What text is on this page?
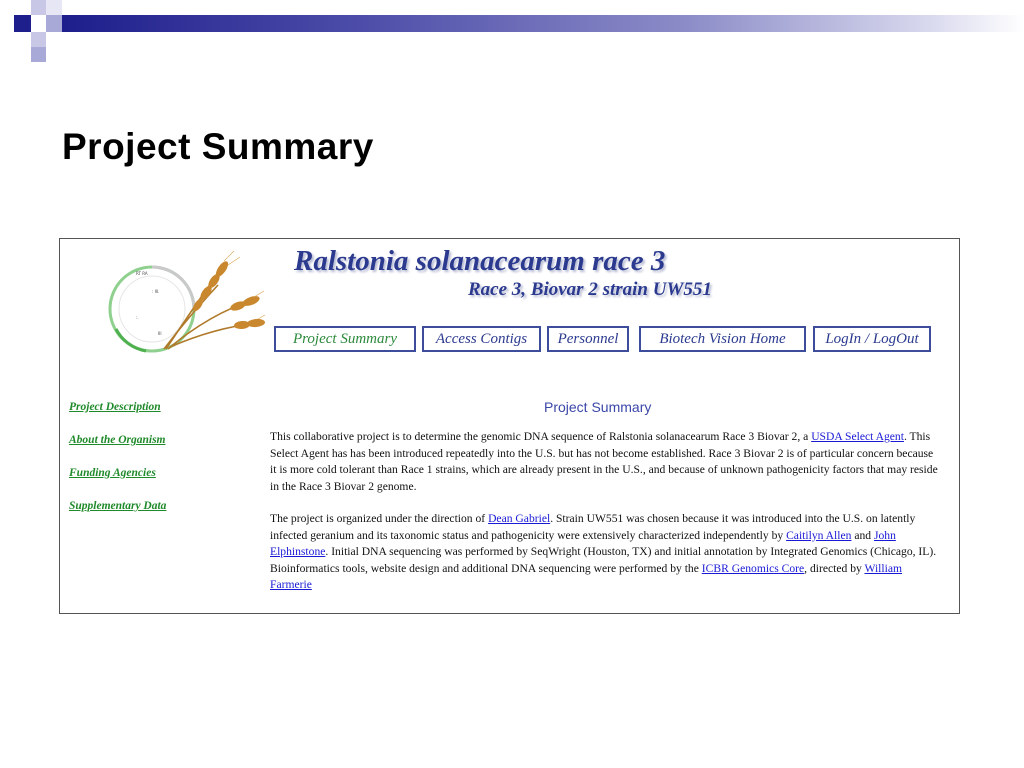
Project Summary
RT RA
: III.
III
:.
Ralstonia solanacearum race 3
Race 3, Biovar 2 strain UW551
Project Summary	Access Contigs	Personnel	Biotech Vision Home	LogIn / LogOut
Project Description
About the Organism
Funding Agencies
Supplementary Data
Project Summary

This collaborative project is to determine the genomic DNA sequence of Ralstonia solanacearum Race 3 Biovar 2, a USDA Select Agent. This Select Agent has has been introduced repeatedly into the U.S. but has not become established. Race 3 Biovar 2 is of particular concern because it is more cold tolerant than Race 1 strains, which are already present in the U.S., and because of unknown pathogenicity factors that may reside in the Race 3 Biovar 2 genome.

The project is organized under the direction of Dean Gabriel. Strain UW551 was chosen because it was introduced into the U.S. on latently infected geranium and its taxonomic status and pathogenicity were extensively characterized independently by Caitilyn Allen and John Elphinstone. Initial DNA sequencing was performed by SeqWright (Houston, TX) and initial annotation by Integrated Genomics (Chicago, IL). Bioinformatics tools, website design and additional DNA sequencing were performed by the ICBR Genomics Core, directed by William Farmerie
